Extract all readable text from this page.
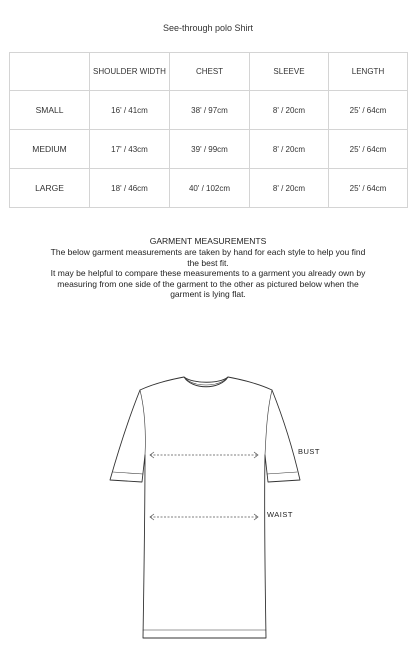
See-through polo Shirt
	SHOULDER WIDTH	CHEST	SLEEVE	LENGTH
SMALL	16' / 41cm	38' / 97cm	8' / 20cm	25' / 64cm
MEDIUM	17' / 43cm	39' / 99cm	8' / 20cm	25' / 64cm
LARGE	18' / 46cm	40' / 102cm	8' / 20cm	25' / 64cm
GARMENT MEASUREMENTS

The below garment measurements are taken by hand for each style to help you find the best fit.

It may be helpful to compare these measurements to a garment you already own by measuring from one side of the garment to the other as pictured below when the garment is lying flat.

BUST
WAIST
